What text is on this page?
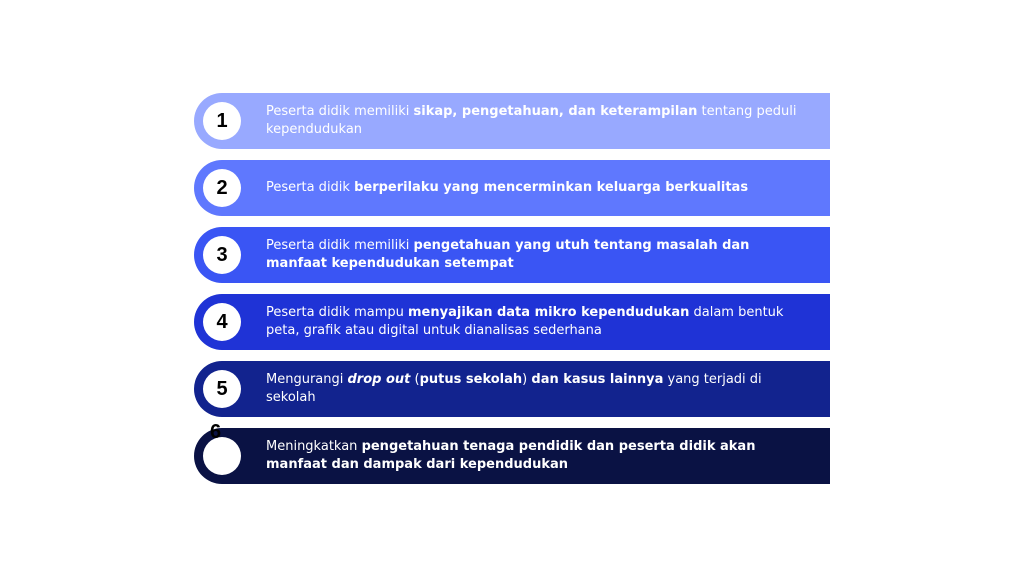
1	Peserta didik memiliki sikap, pengetahuan, dan keterampilan tentang peduli kependudukan

2	Peserta didik berperilaku yang mencerminkan keluarga berkualitas

3	Peserta didik memiliki pengetahuan yang utuh tentang masalah dan manfaat kependudukan setempat

4	Peserta didik mampu menyajikan data mikro kependudukan dalam bentuk peta, grafik atau digital untuk dianalisas sederhana

5	Mengurangi drop out (putus sekolah) dan kasus lainnya yang terjadi di sekolah

6

Meningkatkan pengetahuan tenaga pendidik dan peserta didik akan manfaat dan dampak dari kependudukan
